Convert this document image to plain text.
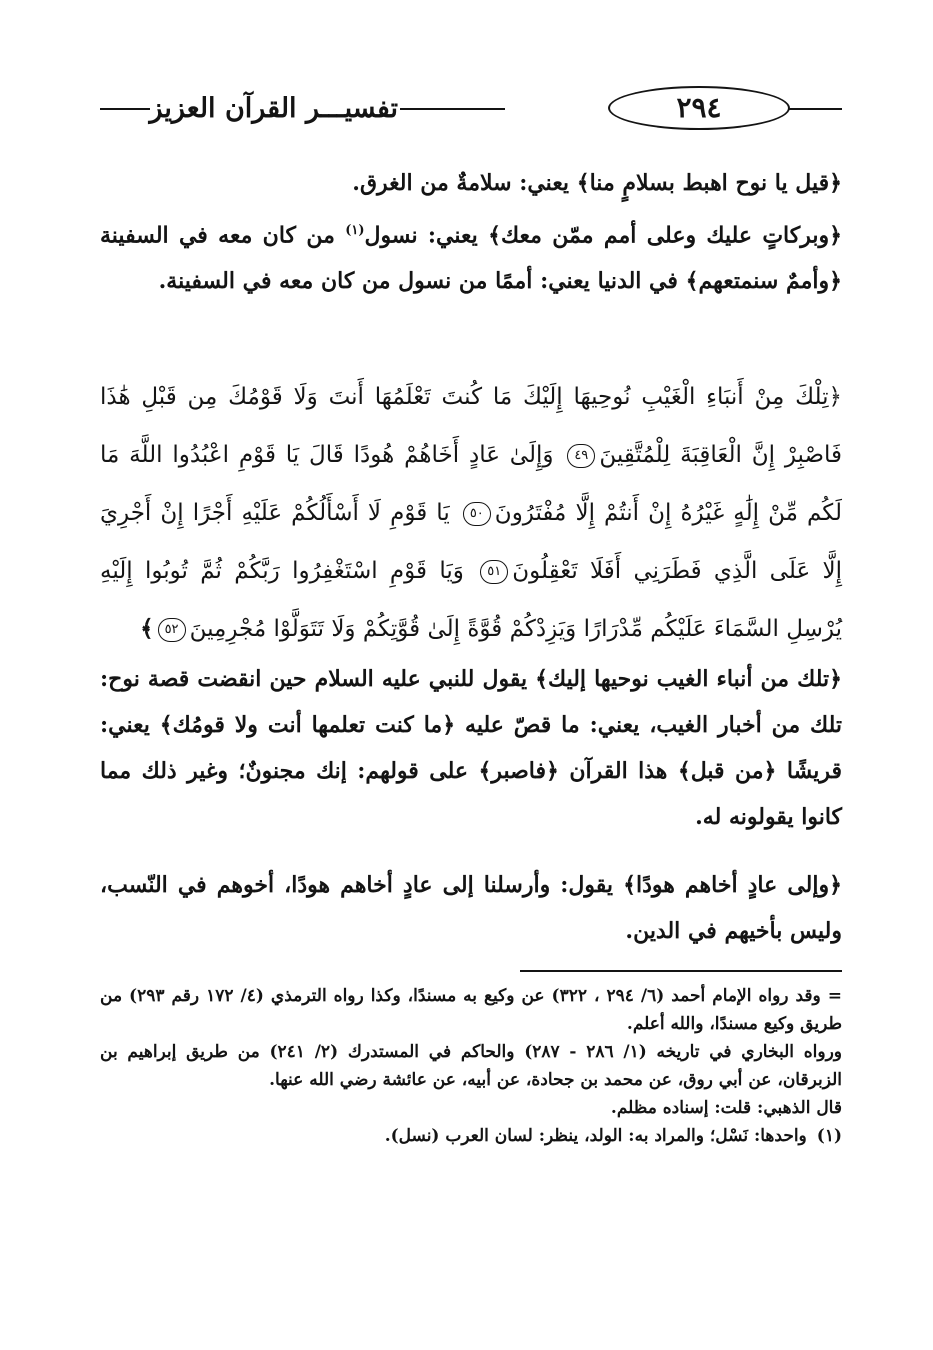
تفسيـــر القرآن العزيز	٢٩٤
﴿قيل يا نوح اهبط بسلامٍ منا﴾ يعني: سلامةٌ من الغرق.
﴿وبركاتٍ عليك وعلى أمم ممّن معك﴾ يعني: نسول$^{(١)}$ من كان معه في السفينة ﴿وأممٌ سنمتعهم﴾ في الدنيا يعني: أممًا من نسول من كان معه في السفينة.
﴿تِلْكَ مِنْ أَنبَاءِ الْغَيْبِ نُوحِيهَا إِلَيْكَ مَا كُنتَ تَعْلَمُهَا أَنتَ وَلَا قَوْمُكَ مِن قَبْلِ هَٰذَا فَاصْبِرْ إِنَّ الْعَاقِبَةَ لِلْمُتَّقِينَ٤٩ وَإِلَىٰ عَادٍ أَخَاهُمْ هُودًا قَالَ يَا قَوْمِ اعْبُدُوا اللَّهَ مَا لَكُم مِّنْ إِلَٰهٍ غَيْرُهُ إِنْ أَنتُمْ إِلَّا مُفْتَرُونَ٥٠ يَا قَوْمِ لَا أَسْأَلُكُمْ عَلَيْهِ أَجْرًا إِنْ أَجْرِيَ إِلَّا عَلَى الَّذِي فَطَرَنِي أَفَلَا تَعْقِلُونَ٥١ وَيَا قَوْمِ اسْتَغْفِرُوا رَبَّكُمْ ثُمَّ تُوبُوا إِلَيْهِ يُرْسِلِ السَّمَاءَ عَلَيْكُم مِّدْرَارًا وَيَزِدْكُمْ قُوَّةً إِلَىٰ قُوَّتِكُمْ وَلَا تَتَوَلَّوْا مُجْرِمِينَ٥٢﴾
﴿تلك من أنباء الغيب نوحيها إليك﴾ يقول للنبي عليه السلام حين انقضت قصة نوح: تلك من أخبار الغيب، يعني: ما قصّ عليه ﴿ما كنت تعلمها أنت ولا قومُك﴾ يعني: قريشًا ﴿من قبل﴾ هذا القرآن ﴿فاصبر﴾ على قولهم: إنك مجنونٌ؛ وغير ذلك مما كانوا يقولونه له.
﴿وإلى عادٍ أخاهم هودًا﴾ يقول: وأرسلنا إلى عادٍ أخاهم هودًا، أخوهم في النّسب، وليس بأخيهم في الدين.

= وقد رواه الإمام أحمد (٦/ ٢٩٤ ، ٣٢٢) عن وكيع به مسندًا، وكذا رواه الترمذي (٤/ ١٧٢ رقم ٢٩٣) من طريق وكيع مسندًا، والله أعلم.

ورواه البخاري في تاريخه (١/ ٢٨٦ - ٢٨٧) والحاكم في المستدرك (٢/ ٢٤١) من طريق إبراهيم بن الزبرقان، عن أبي روق، عن محمد بن جحادة، عن أبيه، عن عائشة رضي الله عنها.

قال الذهبي: قلت: إسناده مظلم.

(١)واحدها: نَسْل؛ والمراد به: الولد، ينظر: لسان العرب (نسل).
